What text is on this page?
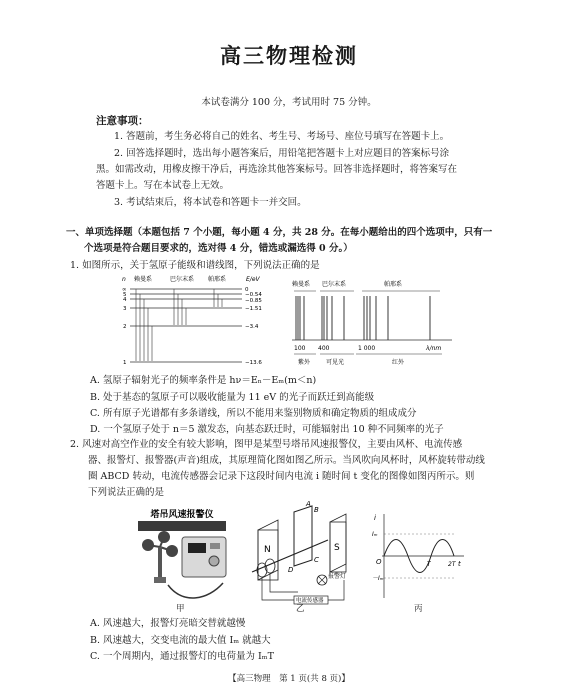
高三物理检测
本试卷满分 100 分，考试用时 75 分钟。
注意事项：
1. 答题前，考生务必将自己的姓名、考生号、考场号、座位号填写在答题卡上。
2. 回答选择题时，选出每小题答案后，用铅笔把答题卡上对应题目的答案标号涂
黑。如需改动，用橡皮擦干净后，再选涂其他答案标号。回答非选择题时，将答案写在
答题卡上。写在本试卷上无效。
3. 考试结束后，将本试卷和答题卡一并交回。
一、单项选择题（本题包括 7 个小题，每小题 4 分，共 28 分。在每小题给出的四个选项中，只有一
个选项是符合题目要求的，选对得 4 分，错选或漏选得 0 分。）
1. 如图所示，关于氢原子能级和谱线图，下列说法正确的是
n 赖曼系	巴尔末系 帕邢系	E/eV
∞
5
4
3
2
1
0
−0.54
−0.85
−1.51
−3.4
−13.6
赖曼系 巴尔末系	帕邢系
100 400	1 000	λ/nm
紫外	可见光	红外
A. 氢原子辐射光子的频率条件是 hν＝Eₙ－Eₘ(m＜n)
B. 处于基态的氢原子可以吸收能量为 11 eV 的光子而跃迁到高能级
C. 所有原子光谱都有多条谱线，所以不能用来鉴别物质和确定物质的组成成分
D. 一个氢原子处于 n＝5 激发态，向基态跃迁时，可能辐射出 10 种不同频率的光子
2. 风速对高空作业的安全有较大影响，图甲是某型号塔吊风速报警仪，主要由风杯、电流传感
器、报警灯、报警器(声音)组成，其原理简化图如图乙所示。当风吹向风杯时，风杯旋转带动线
圈 ABCD 转动，电流传感器会记录下这段时间内电流 i 随时间 t 变化的图像如图丙所示。则
下列说法正确的是
塔吊风速报警仪
甲
N	S
A
B
C
D
报警灯
电流传感器
乙
i
t
O
Iₘ
－Iₘ
T	2T
丙
A. 风速越大，报警灯亮暗交替就越慢
B. 风速越大，交变电流的最大值 Iₘ 就越大
C. 一个周期内，通过报警灯的电荷量为 IₘT
【高三物理　第 1 页(共 8 页)】
